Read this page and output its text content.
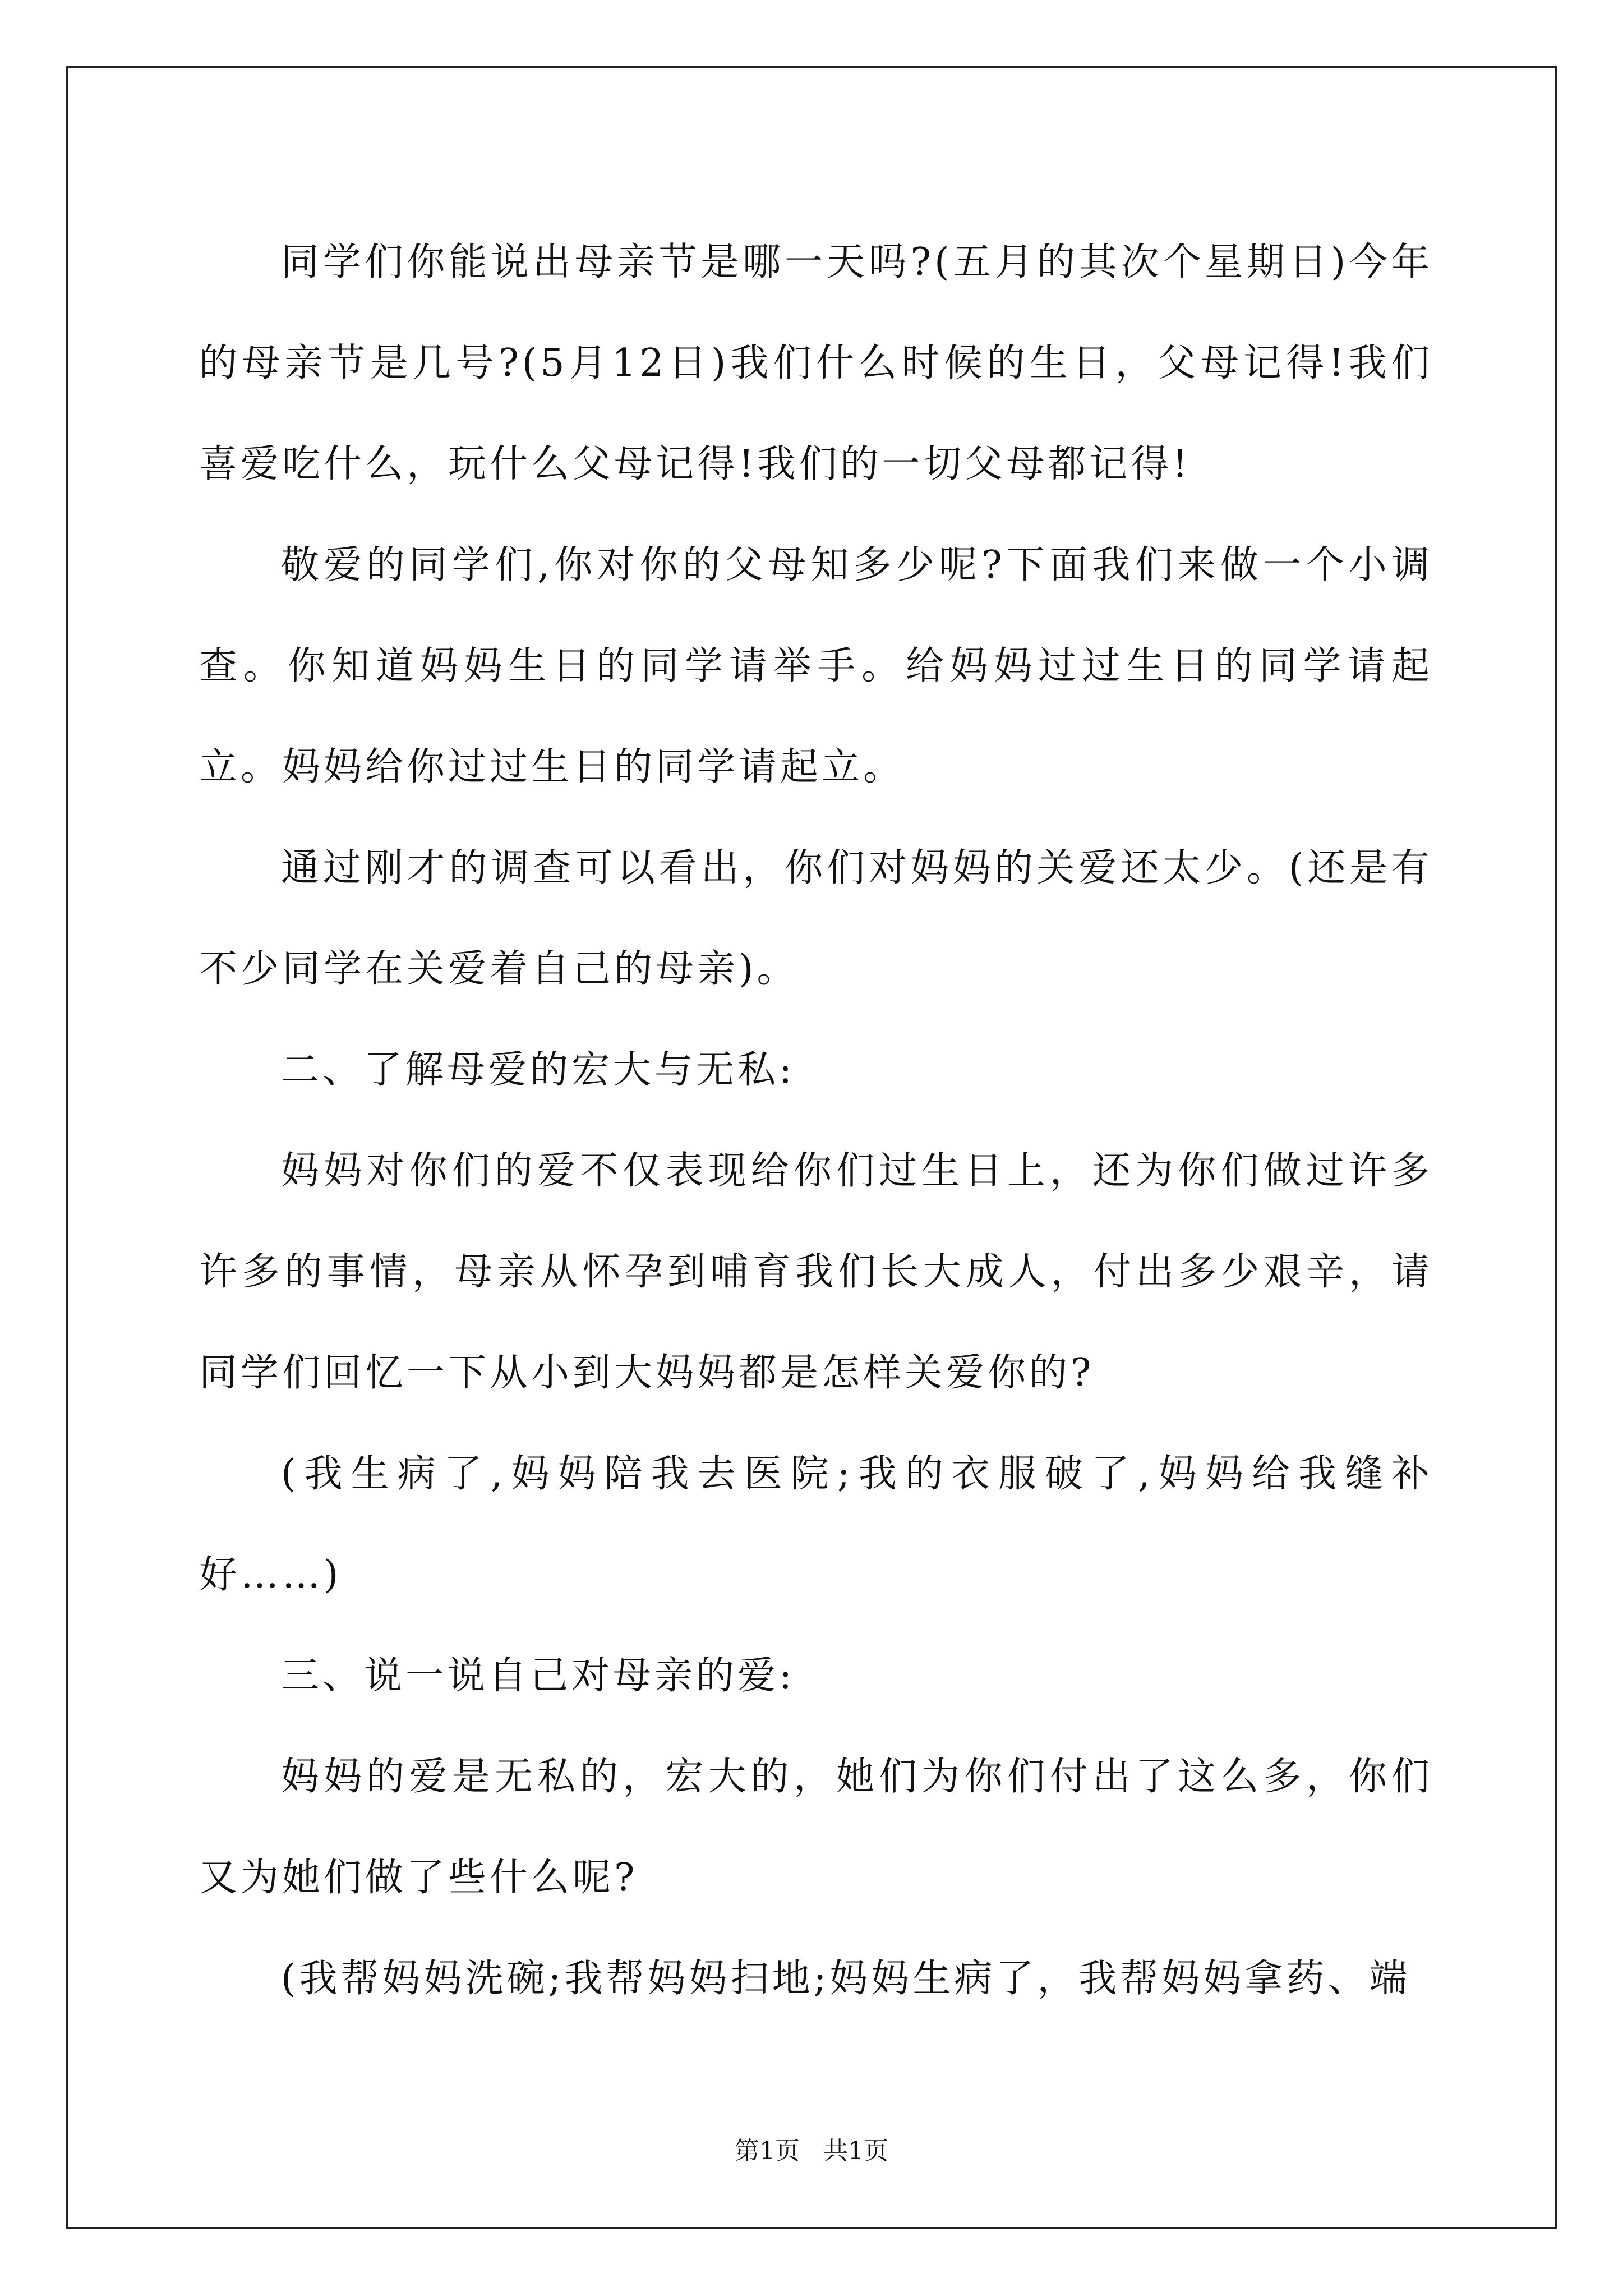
同学们你能说出母亲节是哪一天吗?(五月的其次个星期日)今年的母亲节是几号?(5月12日)我们什么时候的生日，父母记得!我们喜爱吃什么，玩什么父母记得!我们的一切父母都记得!

敬爱的同学们,你对你的父母知多少呢?下面我们来做一个小调查。你知道妈妈生日的同学请举手。给妈妈过过生日的同学请起立。妈妈给你过过生日的同学请起立。

通过刚才的调查可以看出，你们对妈妈的关爱还太少。(还是有不少同学在关爱着自己的母亲)。

二、了解母爱的宏大与无私:

妈妈对你们的爱不仅表现给你们过生日上，还为你们做过许多许多的事情，母亲从怀孕到哺育我们长大成人，付出多少艰辛，请同学们回忆一下从小到大妈妈都是怎样关爱你的?

(我生病了,妈妈陪我去医院;我的衣服破了,妈妈给我缝补好……)

三、说一说自己对母亲的爱:

妈妈的爱是无私的，宏大的，她们为你们付出了这么多，你们又为她们做了些什么呢?

(我帮妈妈洗碗;我帮妈妈扫地;妈妈生病了，我帮妈妈拿药、端

第1页   共1页
